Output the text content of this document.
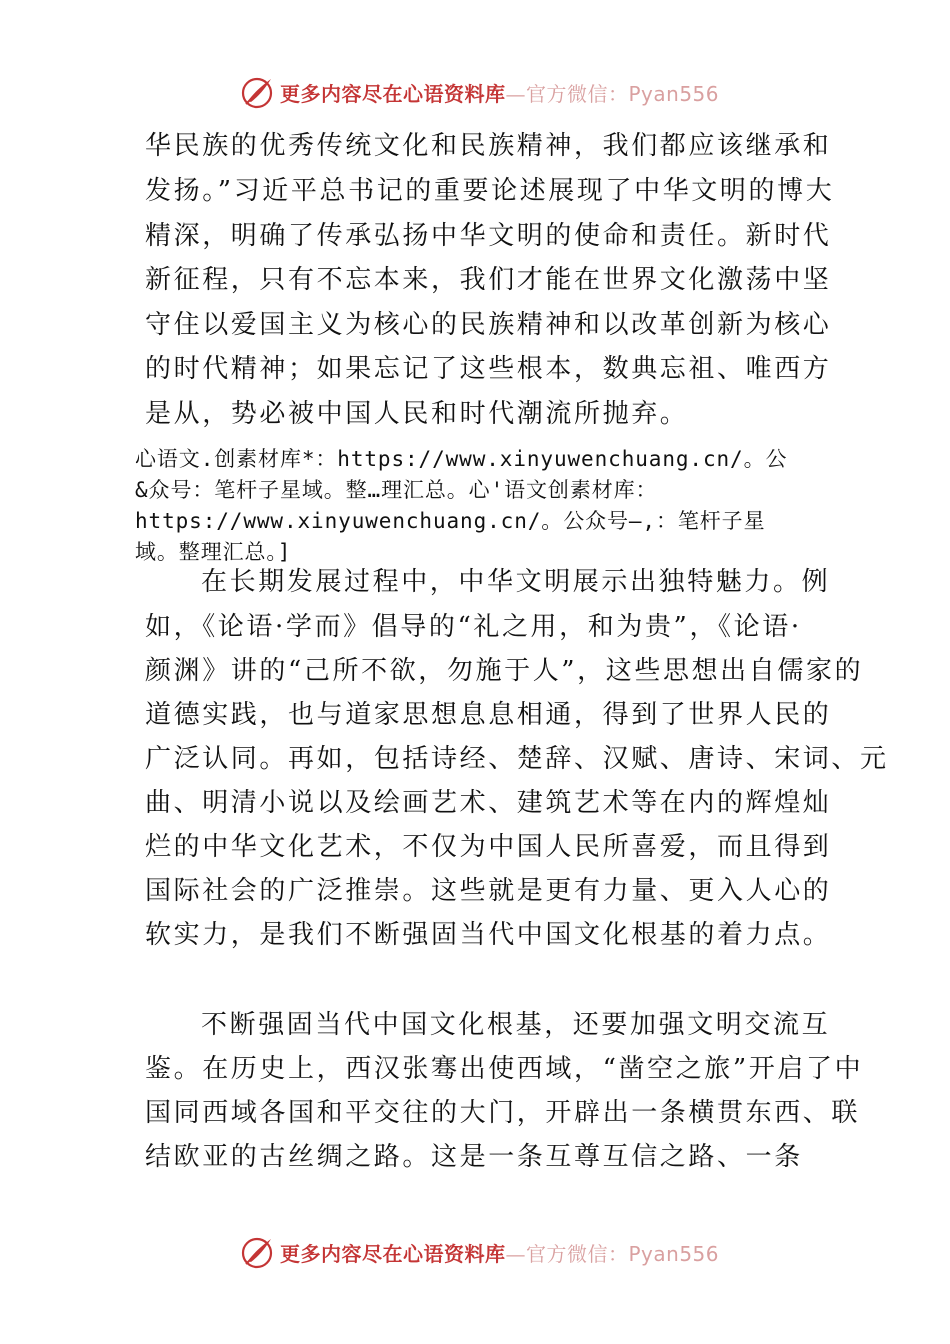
更多内容尽在心语资料库—官方微信：Pyan556
华民族的优秀传统文化和民族精神，我们都应该继承和
发扬。”习近平总书记的重要论述展现了中华文明的博大
精深，明确了传承弘扬中华文明的使命和责任。新时代
新征程，只有不忘本来，我们才能在世界文化激荡中坚
守住以爱国主义为核心的民族精神和以改革创新为核心
的时代精神；如果忘记了这些根本，数典忘祖、唯西方
是从，势必被中国人民和时代潮流所抛弃。
心语文.创素材库*：https://www.xinyuwenchuang.cn/。公
&众号：笔杆子星域。整…理汇总。心'语文创素材库：
https://www.xinyuwenchuang.cn/。公众号—,：笔杆子星
域。整理汇总。]
在长期发展过程中，中华文明展示出独特魅力。例
如，《论语·学而》倡导的“礼之用，和为贵”，《论语·
颜渊》讲的“己所不欲，勿施于人”，这些思想出自儒家的
道德实践，也与道家思想息息相通，得到了世界人民的
广泛认同。再如，包括诗经、楚辞、汉赋、唐诗、宋词、元
曲、明清小说以及绘画艺术、建筑艺术等在内的辉煌灿
烂的中华文化艺术，不仅为中国人民所喜爱，而且得到
国际社会的广泛推崇。这些就是更有力量、更入人心的
软实力，是我们不断强固当代中国文化根基的着力点。
不断强固当代中国文化根基，还要加强文明交流互
鉴。在历史上，西汉张骞出使西域，“凿空之旅”开启了中
国同西域各国和平交往的大门，开辟出一条横贯东西、联
结欧亚的古丝绸之路。这是一条互尊互信之路、一条
更多内容尽在心语资料库—官方微信：Pyan556
